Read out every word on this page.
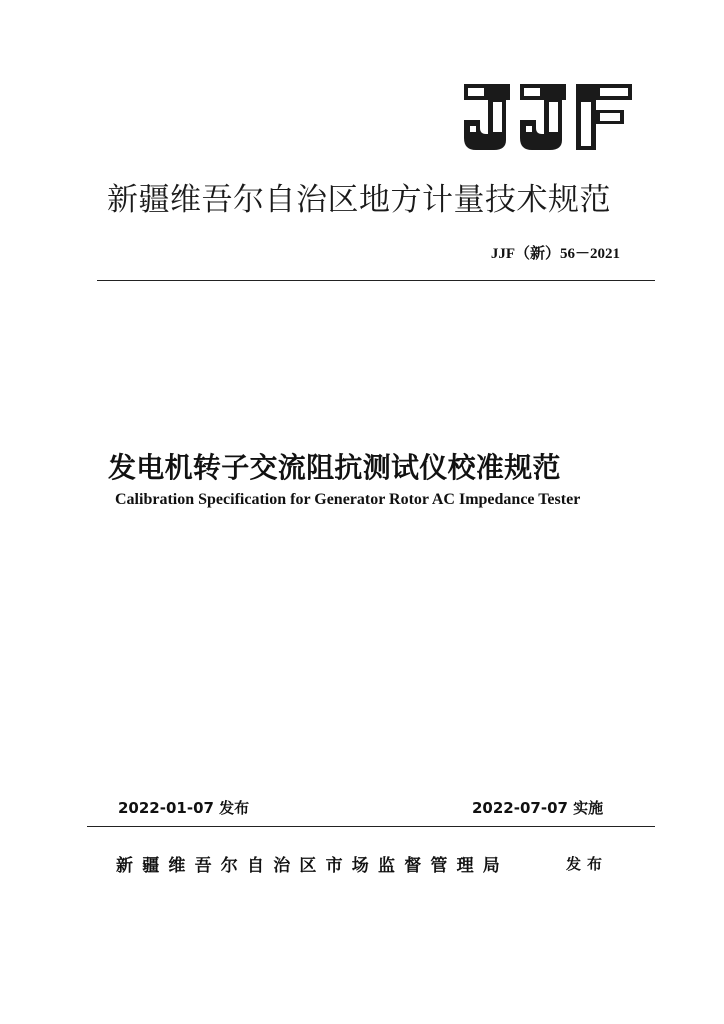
新疆维吾尔自治区地方计量技术规范
JJF（新）56－2021
发电机转子交流阻抗测试仪校准规范
Calibration Specification for Generator Rotor AC Impedance Tester
2022-01-07 发布	2022-07-07 实施
新疆维吾尔自治区市场监督管理局	发布
